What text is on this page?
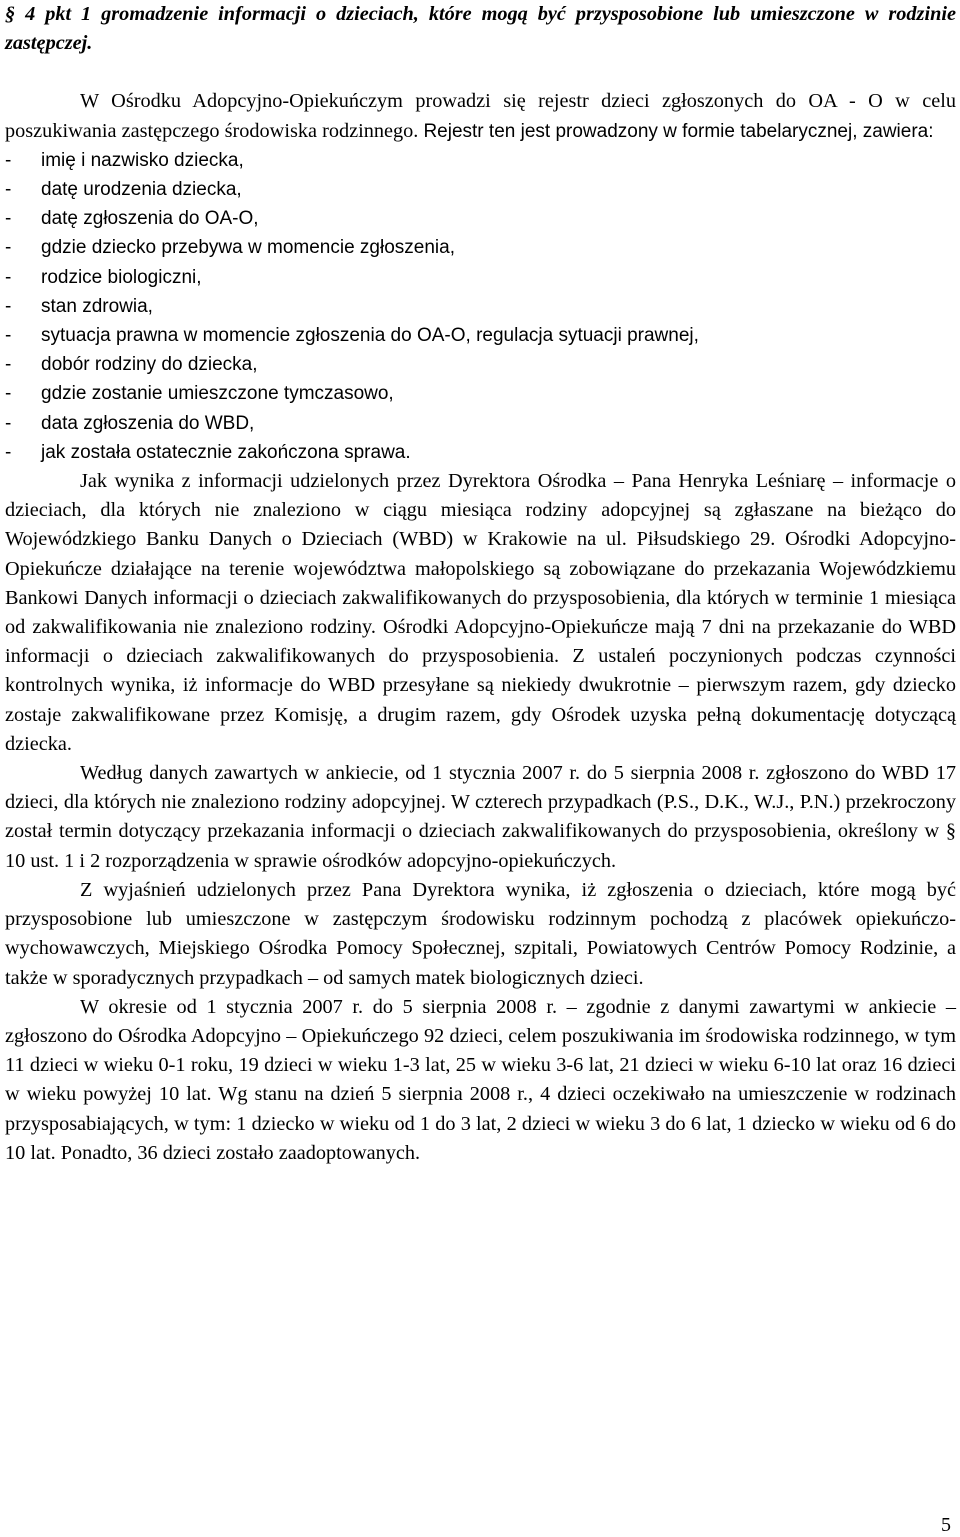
§ 4 pkt 1 gromadzenie informacji o dzieciach, które mogą być przysposobione lub umieszczone w rodzinie zastępczej.

W Ośrodku Adopcyjno-Opiekuńczym prowadzi się rejestr dzieci zgłoszonych do OA - O w celu poszukiwania zastępczego środowiska rodzinnego. Rejestr ten jest prowadzony w formie tabelarycznej, zawiera:

- imię i nazwisko dziecka,
- datę urodzenia dziecka,
- datę zgłoszenia do OA-O,
- gdzie dziecko przebywa w momencie zgłoszenia,
- rodzice biologiczni,
- stan zdrowia,
- sytuacja prawna w momencie zgłoszenia do OA-O, regulacja sytuacji prawnej,
- dobór rodziny do dziecka,
- gdzie zostanie umieszczone tymczasowo,
- data zgłoszenia do WBD,
- jak została ostatecznie zakończona sprawa.

Jak wynika z informacji udzielonych przez Dyrektora Ośrodka – Pana Henryka Leśniarę – informacje o dzieciach, dla których nie znaleziono w ciągu miesiąca rodziny adopcyjnej są zgłaszane na bieżąco do Wojewódzkiego Banku Danych o Dzieciach (WBD) w Krakowie na ul. Piłsudskiego 29. Ośrodki Adopcyjno-Opiekuńcze działające na terenie województwa małopolskiego są zobowiązane do przekazania Wojewódzkiemu Bankowi Danych informacji o dzieciach zakwalifikowanych do przysposobienia, dla których w terminie 1 miesiąca od zakwalifikowania nie znaleziono rodziny. Ośrodki Adopcyjno-Opiekuńcze mają 7 dni na przekazanie do WBD informacji o dzieciach zakwalifikowanych do przysposobienia. Z ustaleń poczynionych podczas czynności kontrolnych wynika, iż informacje do WBD przesyłane są niekiedy dwukrotnie – pierwszym razem, gdy dziecko zostaje zakwalifikowane przez Komisję, a drugim razem, gdy Ośrodek uzyska pełną dokumentację dotyczącą dziecka.

Według danych zawartych w ankiecie, od 1 stycznia 2007 r. do 5 sierpnia 2008 r. zgłoszono do WBD 17 dzieci, dla których nie znaleziono rodziny adopcyjnej. W czterech przypadkach (P.S., D.K., W.J., P.N.) przekroczony został termin dotyczący przekazania informacji o dzieciach zakwalifikowanych do przysposobienia, określony w § 10 ust. 1 i 2 rozporządzenia w sprawie ośrodków adopcyjno-opiekuńczych.

Z wyjaśnień udzielonych przez Pana Dyrektora wynika, iż zgłoszenia o dzieciach, które mogą być przysposobione lub umieszczone w zastępczym środowisku rodzinnym pochodzą z placówek opiekuńczo-wychowawczych, Miejskiego Ośrodka Pomocy Społecznej, szpitali, Powiatowych Centrów Pomocy Rodzinie, a także w sporadycznych przypadkach – od samych matek biologicznych dzieci.

W okresie od 1 stycznia 2007 r. do 5 sierpnia 2008 r. – zgodnie z danymi zawartymi w ankiecie – zgłoszono do Ośrodka Adopcyjno – Opiekuńczego 92 dzieci, celem poszukiwania im środowiska rodzinnego, w tym 11 dzieci w wieku 0-1 roku, 19 dzieci w wieku 1-3 lat, 25 w wieku 3-6 lat, 21 dzieci w wieku 6-10 lat oraz 16 dzieci w wieku powyżej 10 lat. Wg stanu na dzień 5 sierpnia 2008 r., 4 dzieci oczekiwało na umieszczenie w rodzinach przysposabiających, w tym: 1 dziecko w wieku od 1 do 3 lat, 2 dzieci w wieku 3 do 6 lat, 1 dziecko w wieku od 6 do 10 lat. Ponadto, 36 dzieci zostało zaadoptowanych.

5
